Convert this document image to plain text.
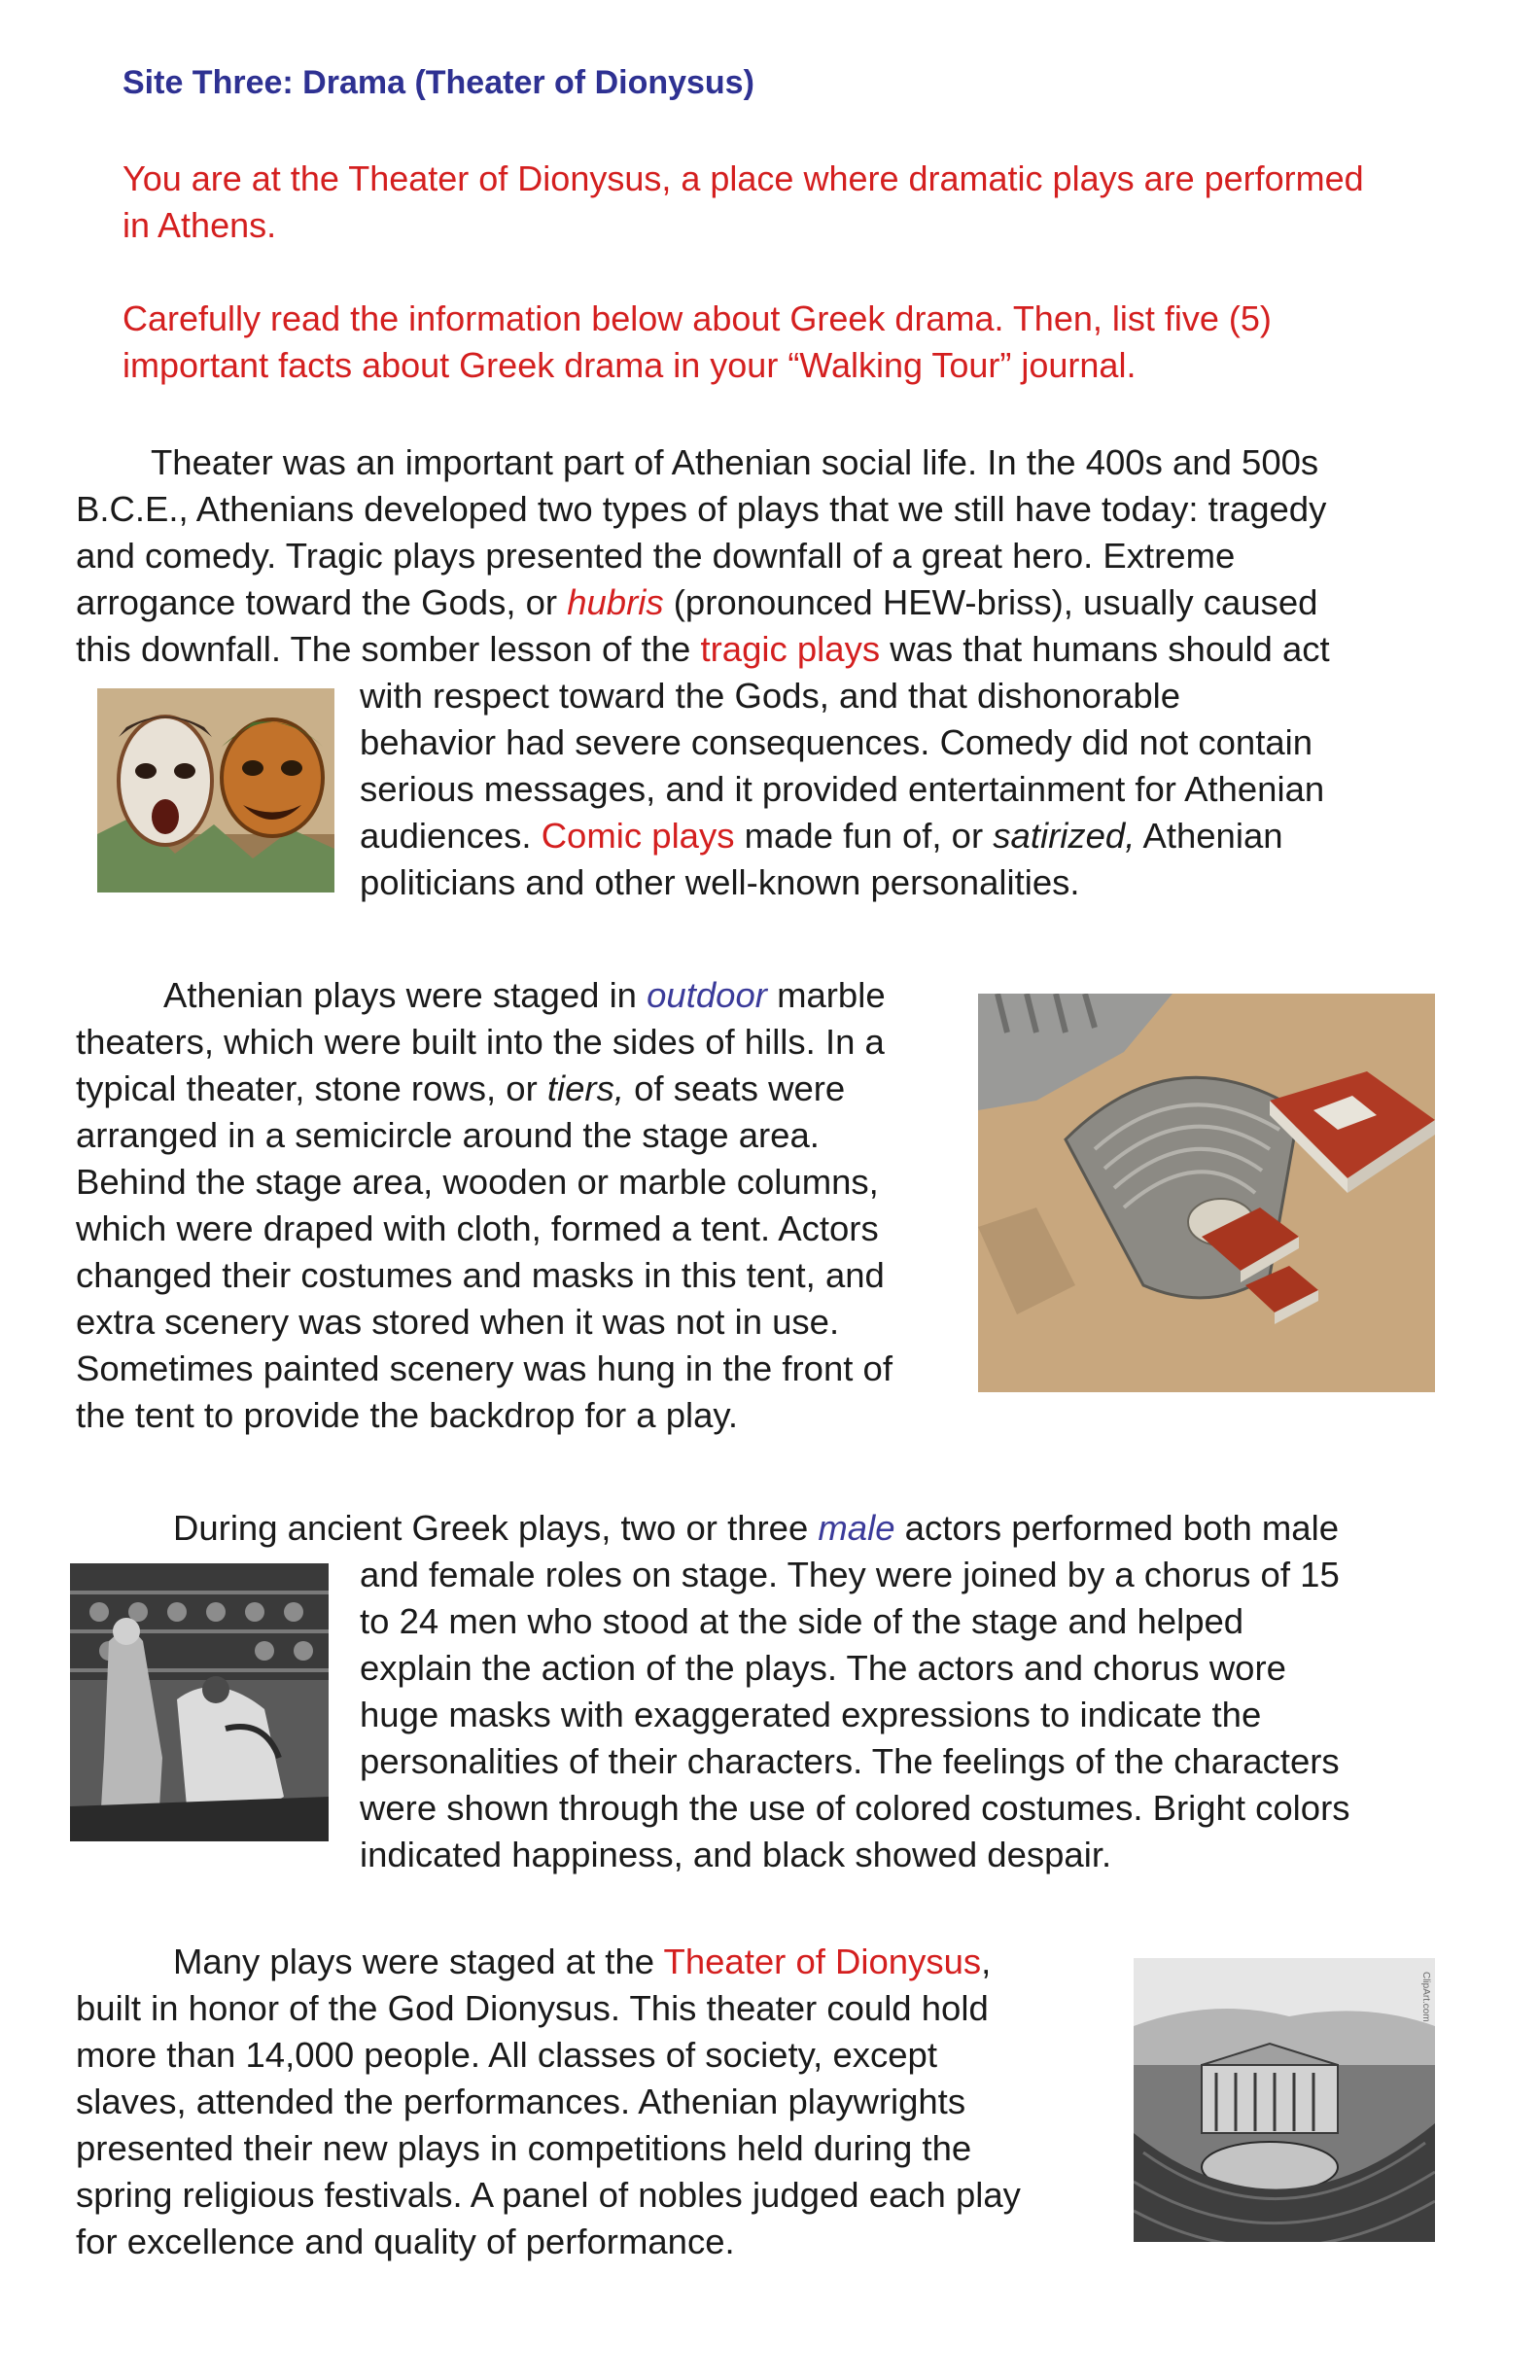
Site Three: Drama (Theater of Dionysus)
You are at the Theater of Dionysus, a place where dramatic plays are performed in Athens.
Carefully read the information below about Greek drama. Then, list five (5) important facts about Greek drama in your “Walking Tour” journal.
Theater was an important part of Athenian social life. In the 400s and 500s
B.C.E., Athenians developed two types of plays that we still have today: tragedy
and comedy. Tragic plays presented the downfall of a great hero. Extreme
arrogance toward the Gods, or hubris (pronounced HEW-briss), usually caused
this downfall. The somber lesson of the tragic plays was that humans should act
with respect toward the Gods, and that dishonorable
behavior had severe consequences. Comedy did not contain
serious messages, and it provided entertainment for Athenian
audiences. Comic plays made fun of, or satirized, Athenian
politicians and other well-known personalities.
Athenian plays were staged in outdoor marble
theaters, which were built into the sides of hills. In a
typical theater, stone rows, or tiers, of seats were
arranged in a semicircle around the stage area.
Behind the stage area, wooden or marble columns,
which were draped with cloth, formed a tent. Actors
changed their costumes and masks in this tent, and
extra scenery was stored when it was not in use.
Sometimes painted scenery was hung in the front of
the tent to provide the backdrop for a play.
During ancient Greek plays, two or three male actors performed both male
and female roles on stage. They were joined by a chorus of 15
to 24 men who stood at the side of the stage and helped
explain the action of the plays. The actors and chorus wore
huge masks with exaggerated expressions to indicate the
personalities of their characters. The feelings of the characters
were shown through the use of colored costumes. Bright colors
indicated happiness, and black showed despair.
Many plays were staged at the Theater of Dionysus,
built in honor of the God Dionysus. This theater could hold
more than 14,000 people. All classes of society, except
slaves, attended the performances. Athenian playwrights
presented their new plays in competitions held during the
spring religious festivals. A panel of nobles judged each play
for excellence and quality of performance.
ClipArt.com
